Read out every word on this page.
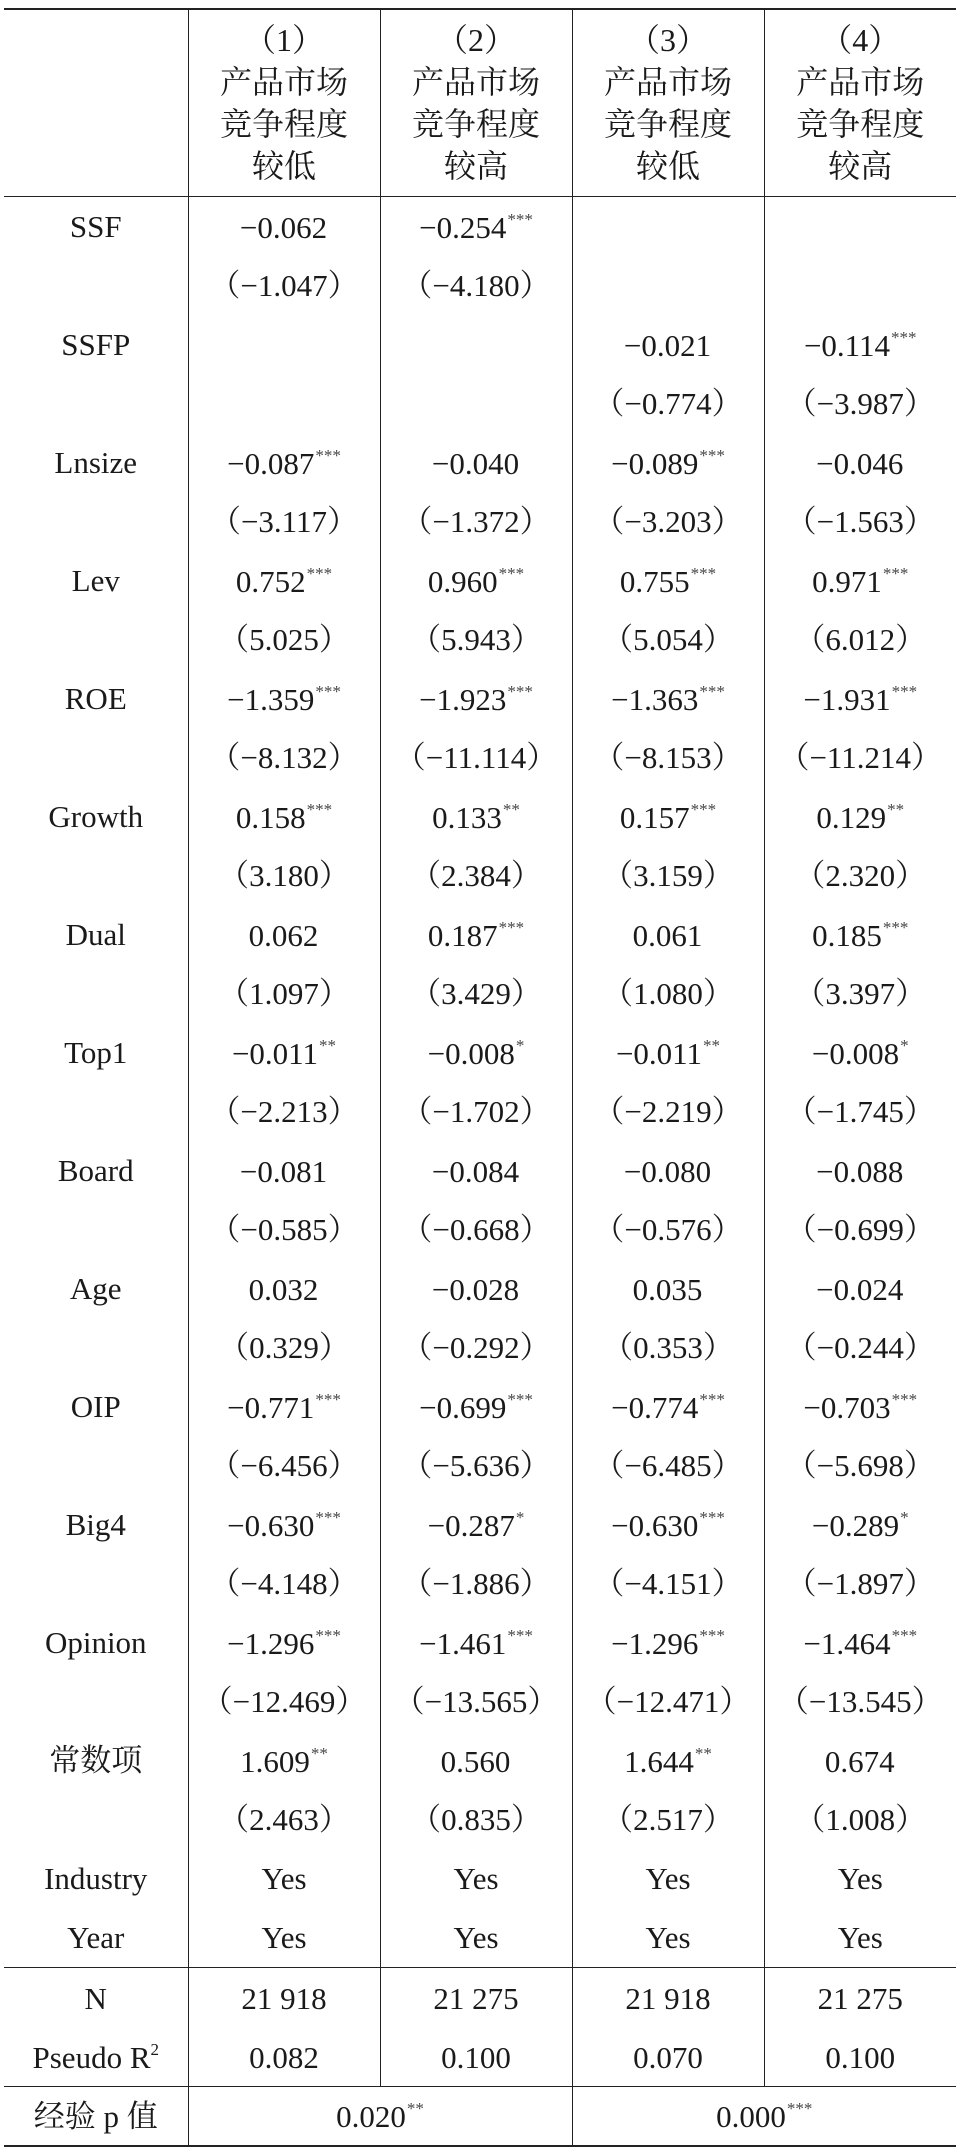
	（1）
产品市场
竞争程度
较低	（2）
产品市场
竞争程度
较高	（3）
产品市场
竞争程度
较低	（4）
产品市场
竞争程度
较高

SSF	−0.062	−0.254***		
	（−1.047）	（−4.180）		
SSFP			−0.021	−0.114***
			（−0.774）	（−3.987）
Lnsize	−0.087***	−0.040	−0.089***	−0.046
	（−3.117）	（−1.372）	（−3.203）	（−1.563）
Lev	0.752***	0.960***	0.755***	0.971***
	（5.025）	（5.943）	（5.054）	（6.012）
ROE	−1.359***	−1.923***	−1.363***	−1.931***
	（−8.132）	（−11.114）	（−8.153）	（−11.214）
Growth	0.158***	0.133**	0.157***	0.129**
	（3.180）	（2.384）	（3.159）	（2.320）
Dual	0.062	0.187***	0.061	0.185***
	（1.097）	（3.429）	（1.080）	（3.397）
Top1	−0.011**	−0.008*	−0.011**	−0.008*
	（−2.213）	（−1.702）	（−2.219）	（−1.745）
Board	−0.081	−0.084	−0.080	−0.088
	（−0.585）	（−0.668）	（−0.576）	（−0.699）
Age	0.032	−0.028	0.035	−0.024
	（0.329）	（−0.292）	（0.353）	（−0.244）
OIP	−0.771***	−0.699***	−0.774***	−0.703***
	（−6.456）	（−5.636）	（−6.485）	（−5.698）
Big4	−0.630***	−0.287*	−0.630***	−0.289*
	（−4.148）	（−1.886）	（−4.151）	（−1.897）
Opinion	−1.296***	−1.461***	−1.296***	−1.464***
	（−12.469）	（−13.565）	（−12.471）	（−13.545）
常数项	1.609**	0.560	1.644**	0.674
	（2.463）	（0.835）	（2.517）	（1.008）
Industry	Yes	Yes	Yes	Yes
Year	Yes	Yes	Yes	Yes
N	21 918	21 275	21 918	21 275
Pseudo $R^2$	0.082	0.100	0.070	0.100
经验 p 值	0.020**		0.000***
